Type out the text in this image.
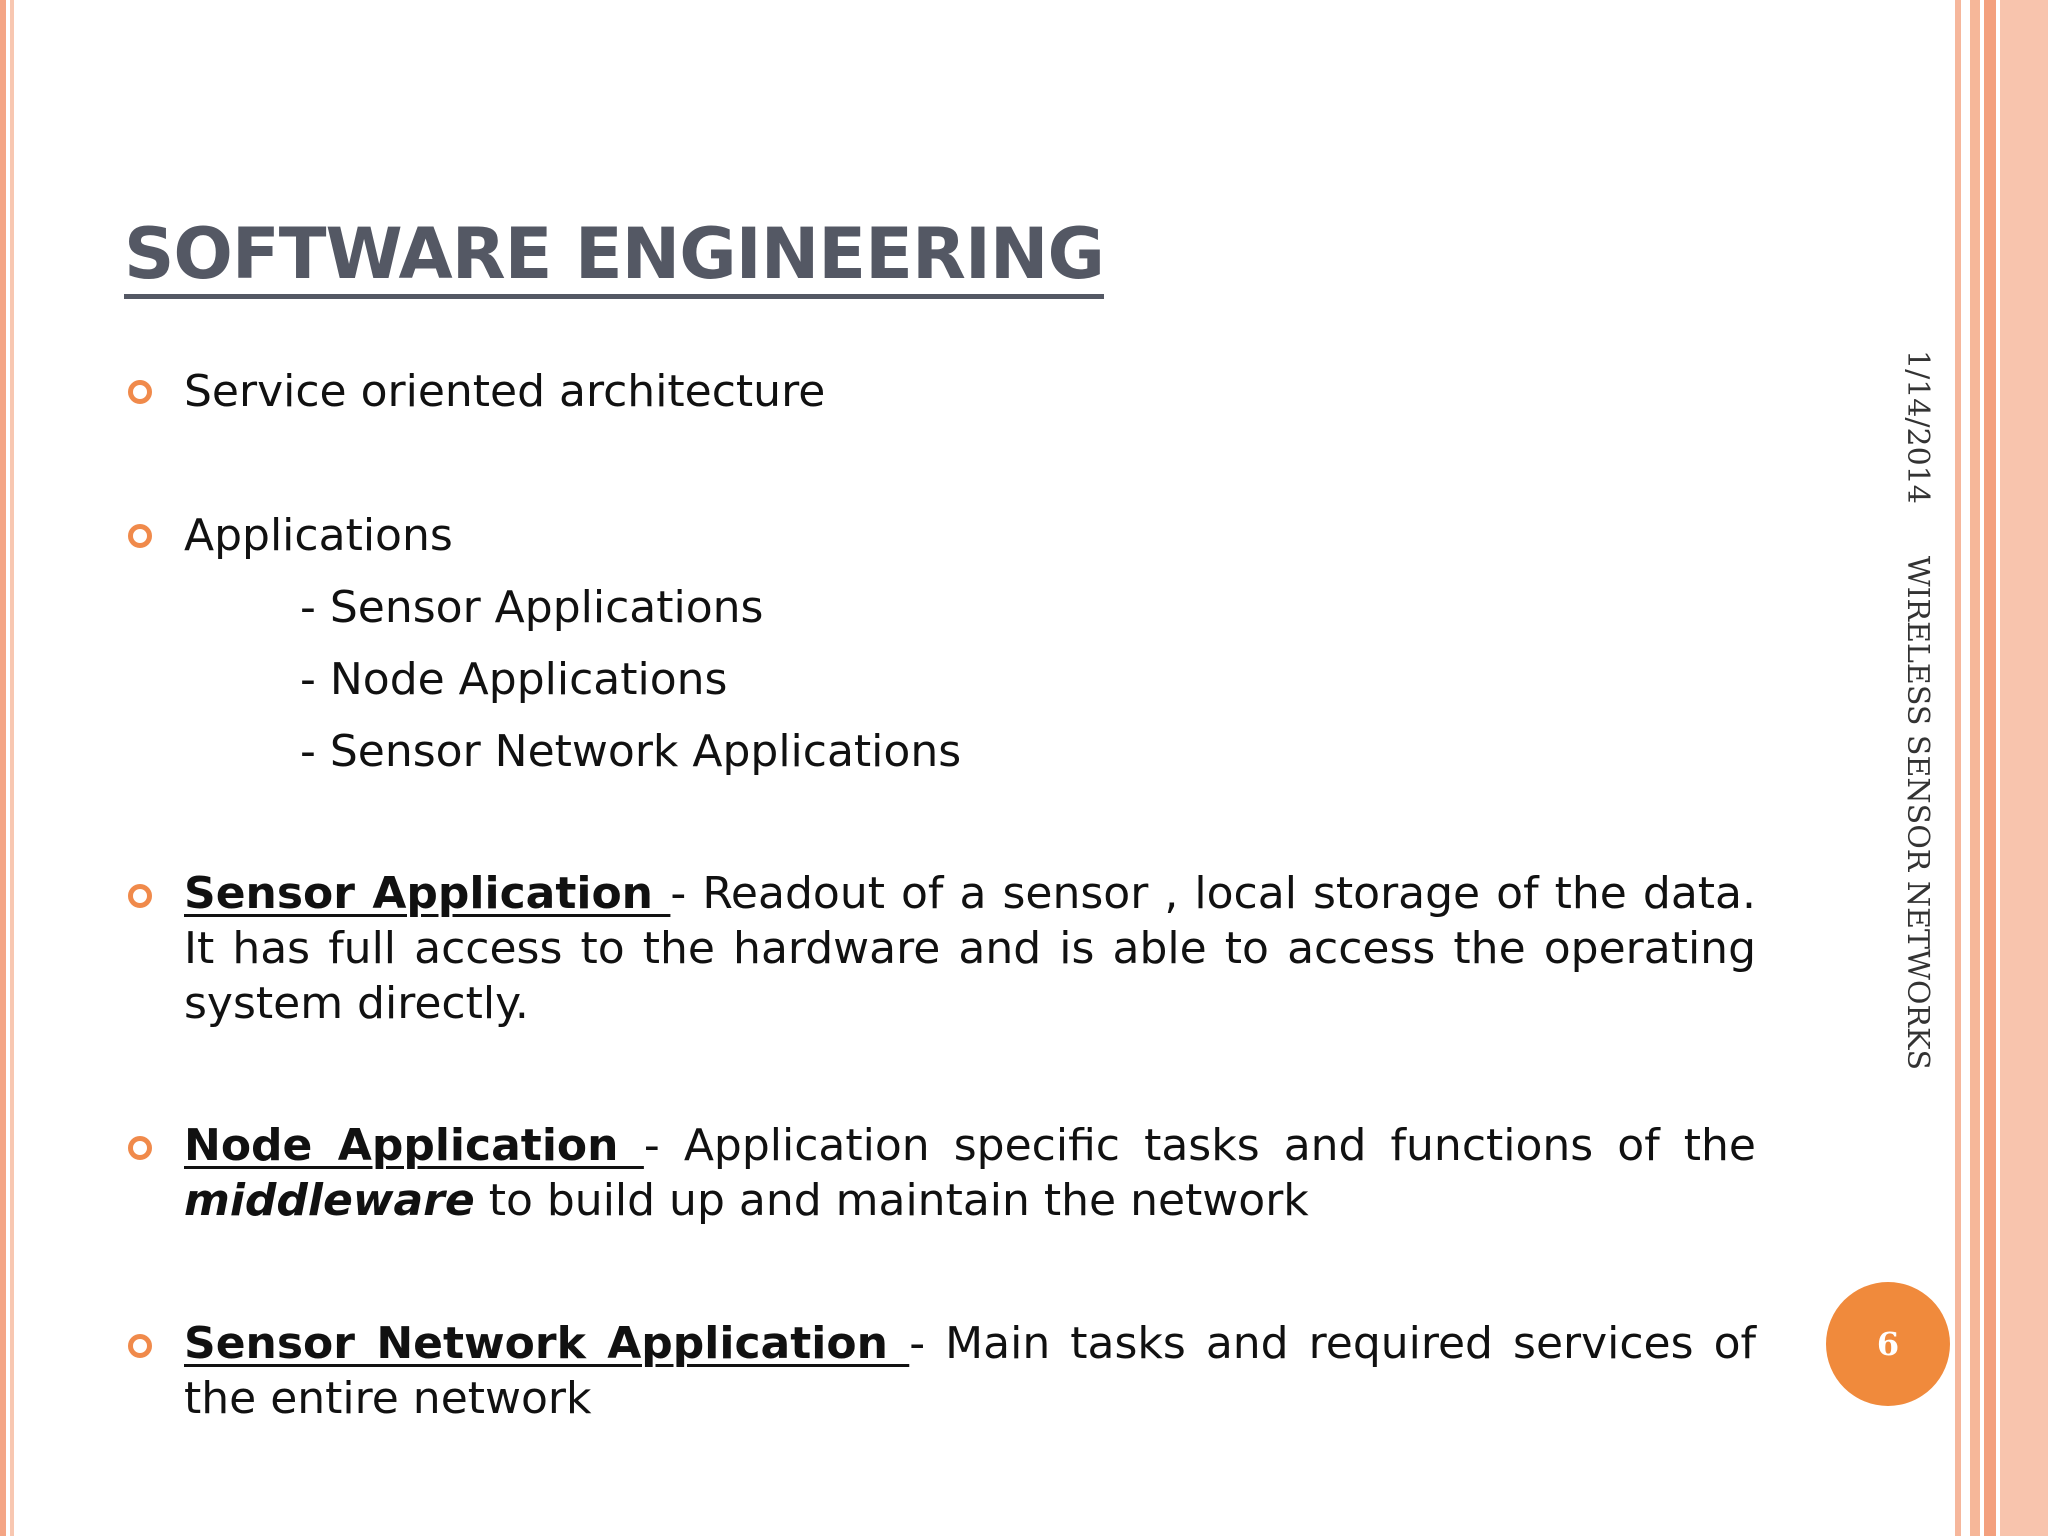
SOFTWARE ENGINEERING
Service oriented architecture
Applications
- Sensor Applications
- Node Applications
- Sensor Network Applications
Sensor Application - Readout of a sensor , local storage of the data. It has full access to the hardware and is able to access the operating system directly.
Node Application - Application specific tasks and functions of the middleware to build up and maintain the network
Sensor Network Application - Main tasks and required services of the entire network
1/14/2014WIRELESS SENSOR NETWORKS
6
